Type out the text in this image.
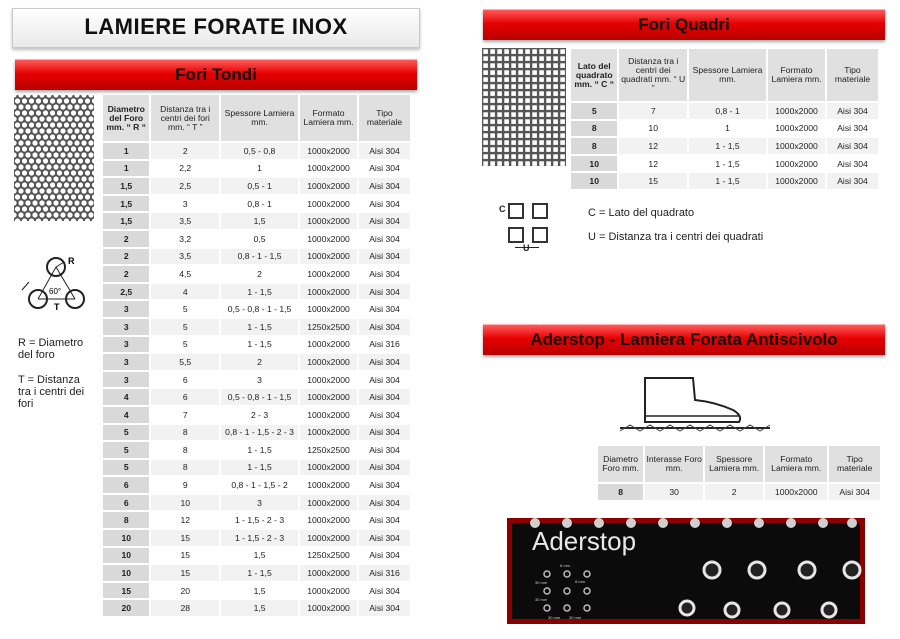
LAMIERE FORATE INOX
Fori Tondi
R
60°
T
R = Diametro del foro
T = Distanza tra i centri dei fori
Diametro del Foro mm. “ R “	Distanza tra i centri dei fori mm. “ T ”	Spessore Lamiera mm.	Formato Lamiera mm.	Tipo materiale
1	2	0,5 - 0,8	1000x2000	Aisi 304
1	2,2	1	1000x2000	Aisi 304
1,5	2,5	0,5 - 1	1000x2000	Aisi 304
1,5	3	0,8 - 1	1000x2000	Aisi 304
1,5	3,5	1,5	1000x2000	Aisi 304
2	3,2	0,5	1000x2000	Aisi 304
2	3,5	0,8 - 1 - 1,5	1000x2000	Aisi 304
2	4,5	2	1000x2000	Aisi 304
2,5	4	1 - 1,5	1000x2000	Aisi 304
3	5	0,5 - 0,8 - 1 - 1,5	1000x2000	Aisi 304
3	5	1 - 1,5	1250x2500	Aisi 304
3	5	1 - 1,5	1000x2000	Aisi 316
3	5,5	2	1000x2000	Aisi 304
3	6	3	1000x2000	Aisi 304
4	6	0,5 - 0,8 - 1 - 1,5	1000x2000	Aisi 304
4	7	2 - 3	1000x2000	Aisi 304
5	8	0,8 - 1 - 1,5 - 2 - 3	1000x2000	Aisi 304
5	8	1 - 1,5	1250x2500	Aisi 304
5	8	1 - 1,5	1000x2000	Aisi 304
6	9	0,8 - 1 - 1,5 - 2	1000x2000	Aisi 304
6	10	3	1000x2000	Aisi 304
8	12	1 - 1,5 - 2 - 3	1000x2000	Aisi 304
10	15	1 - 1,5 - 2 - 3	1000x2000	Aisi 304
10	15	1,5	1250x2500	Aisi 304
10	15	1 - 1,5	1000x2000	Aisi 316
15	20	1,5	1000x2000	Aisi 304
20	28	1,5	1000x2000	Aisi 304
Fori Quadri
Lato del quadrato mm. “ C “	Distanza tra i centri dei quadrati mm. “ U ”	Spessore Lamiera mm.	Formato Lamiera mm.	Tipo materiale
5	7	0,8 - 1	1000x2000	Aisi 304
8	10	1	1000x2000	Aisi 304
8	12	1 - 1,5	1000x2000	Aisi 304
10	12	1 - 1,5	1000x2000	Aisi 304
10	15	1 - 1,5	1000x2000	Aisi 304
C
U
C = Lato del quadrato
U = Distanza tra i centri dei quadrati
Aderstop - Lamiera Forata Antiscivolo
Diametro Foro mm.	Interasse Foro mm.	Spessore Lamiera mm.	Formato Lamiera mm.	Tipo materiale
8	30	2	1000x2000	Aisi 304
Aderstop
30 mm
8 mm
30 mm
8 mm
30 mm 30 mm
